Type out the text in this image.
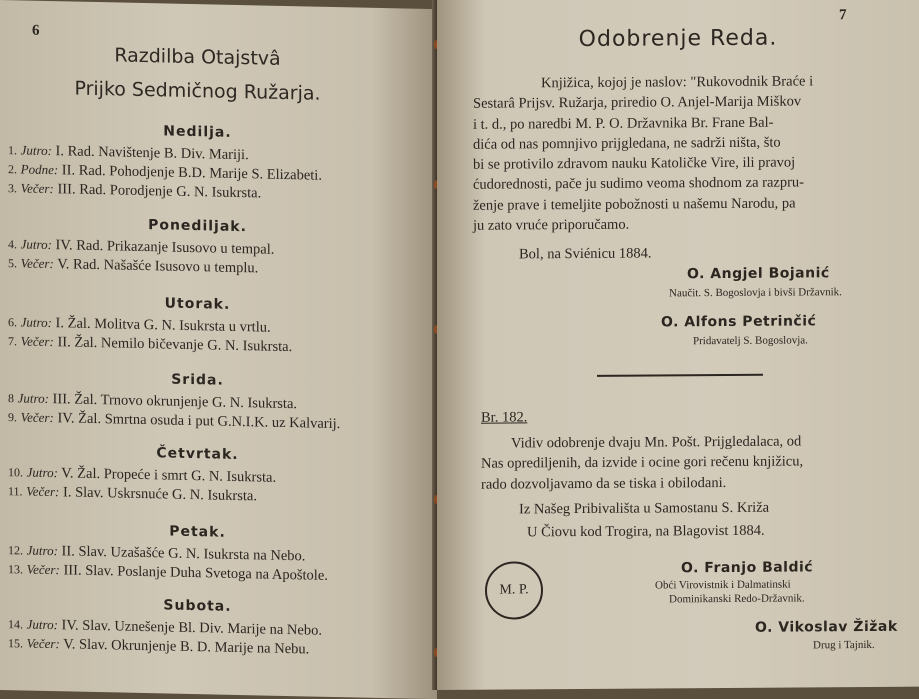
6
Razdilba Otajstvâ
Prijko Sedmičnog Ružarja.
Nedilja.
1. Jutro: I. Rad. Navištenje B. Div. Mariji.
2. Podne: II. Rad. Pohodjenje B.D. Marije S. Elizabeti.
3. Večer: III. Rad. Porodjenje G. N. Isukrsta.
Ponediljak.
4. Jutro: IV. Rad. Prikazanje Isusovo u tempal.
5. Večer: V. Rad. Našašće Isusovo u templu.
Utorak.
6. Jutro: I. Žal. Molitva G. N. Isukrsta u vrtlu.
7. Večer: II. Žal. Nemilo bičevanje G. N. Isukrsta.
Srida.
8 Jutro: III. Žal. Trnovo okrunjenje G. N. Isukrsta.
9. Večer: IV. Žal. Smrtna osuda i put G.N.I.K. uz Kalvarij.
Četvrtak.
10. Jutro: V. Žal. Propeće i smrt G. N. Isukrsta.
11. Večer: I. Slav. Uskrsnuće G. N. Isukrsta.
Petak.
12. Jutro: II. Slav. Uzašašće G. N. Isukrsta na Nebo.
13. Večer: III. Slav. Poslanje Duha Svetoga na Apoštole.
Subota.
14. Jutro: IV. Slav. Uznešenje Bl. Div. Marije na Nebo.
15. Večer: V. Slav. Okrunjenje B. D. Marije na Nebu.
7
Odobrenje Reda.
Knjižica, kojoj je naslov: "Rukovodnik Braće i
Sestarâ Prijsv. Ružarja, priredio O. Anjel-Marija Miškov
i t. d., po naredbi M. P. O. Državnika Br. Frane Bal-
dića od nas pomnjivo prijgledana, ne sadrži ništa, što
bi se protivilo zdravom nauku Katoličke Vire, ili pravoj
ćudorednosti, pače ju sudimo veoma shodnom za razpru-
ženje prave i temeljite pobožnosti u našemu Narodu, pa
ju zato vruće priporučamo.
Bol, na Sviénicu 1884.
O. Angjel Bojanić
Naučit. S. Bogoslovja i bivši Državnik.
O. Alfons Petrinčić
Pridavatelj S. Bogoslovja.
Br. 182.
Vidiv odobrenje dvaju Mn. Pošt. Prijgledalaca, od
Nas opredilјenih, da izvide i ocine gori rečenu knjižicu,
rado dozvoljavamo da se tiska i obilodani.
Iz Našeg Pribivališta u Samostanu S. Križa
U Čiovu kod Trogira, na Blagovist 1884.
M. P.
O. Franjo Baldić
Obći Virovistnik i Dalmatinski
Dominikanski Redo-Državnik.
O. Vikoslav Žižak
Drug i Tajnik.
